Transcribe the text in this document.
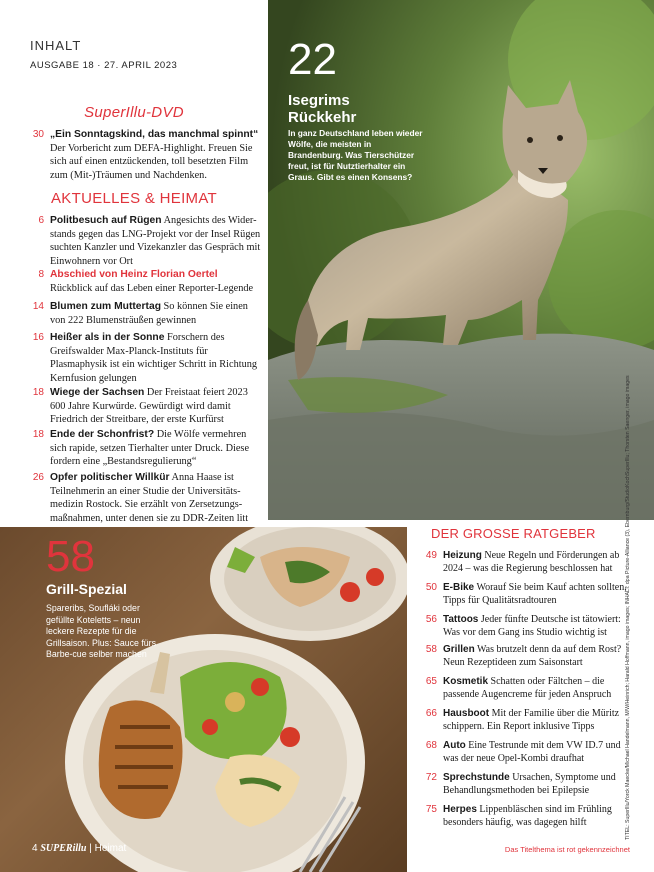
INHALT
AUSGABE 18 · 27. APRIL 2023
SuperIllu-DVD
30 „Ein Sonntagskind, das manchmal spinnt“ Der Vorbericht zum DEFA-Highlight. Freuen Sie sich auf einen entzückenden, toll besetzten Film zum (Mit-)Träumen und Nachdenken.
AKTUELLES & HEIMAT
6 Politbesuch auf Rügen Angesichts des Wider-stands gegen das LNG-Projekt vor der Insel Rügen suchten Kanzler und Vizekanzler das Gespräch mit Einwohnern vor Ort
8 Abschied von Heinz Florian Oertel Rückblick auf das Leben einer Reporter-Legende
14 Blumen zum Muttertag So können Sie einen von 222 Blumensträußen gewinnen
16 Heißer als in der Sonne Forschern des Greifswalder Max-Planck-Instituts für Plasmaphysik ist ein wichtiger Schritt in Richtung Kernfusion gelungen
18 Wiege der Sachsen Der Freistaat feiert 2023 600 Jahre Kurwürde. Gewürdigt wird damit Friedrich der Streitbare, der erste Kurfürst
18 Ende der Schonfrist? Die Wölfe vermehren sich rapide, setzen Tierhalter unter Druck. Diese fordern eine „Bestandsregulierung“
26 Opfer politischer Willkür Anna Haase ist Teilnehmerin an einer Studie der Universitäts-medizin Rostock. Sie erzählt von Zersetzungs-maßnahmen, unter denen sie zu DDR-Zeiten litt
22
Isegrims Rückkehr
In ganz Deutschland leben wieder Wölfe, die meisten in Brandenburg. Was Tierschützer freut, ist für Nutztierhalter ein Graus. Gibt es einen Konsens?
58
Grill-Spezial
Spareribs, Soufláki oder gefüllte Koteletts – neun leckere Rezepte für die Grillsaison. Plus: Sauce fürs Barbe-cue selber machen
4 SUPERillu | Heimat
DER GROSSE RATGEBER
49 Heizung Neue Regeln und Förderungen ab 2024 – was die Regierung beschlossen hat
50 E-Bike Worauf Sie beim Kauf achten sollten, Tipps für Qualitätsradtouren
56 Tattoos Jeder fünfte Deutsche ist tätowiert: Was vor dem Gang ins Studio wichtig ist
58 Grillen Was brutzelt denn da auf dem Rost? Neun Rezeptideen zum Saisonstart
65 Kosmetik Schatten oder Fältchen – die passende Augencreme für jeden Anspruch
66 Hausboot Mit der Familie über die Müritz schippern. Ein Report inklusive Tipps
68 Auto Eine Testrunde mit dem VW ID.7 und was der neue Opel-Kombi draufhat
72 Sprechstunde Ursachen, Symptome und Behandlungsmethoden bei Epilepsie
75 Herpes Lippenbläschen sind im Frühling besonders häufig, was dagegen hilft
Das Titelthema ist rot gekennzeichnet
TITEL: SuperIllu/Yorck Maecke/Michael Handelmann, M/W/Heinrich; Harald Hoffmann, imago images; INHALT: dpa Picture-Alliance (3), Ebernburg/StudioKochSuperIllu; Thorsten Saenger, imago images
